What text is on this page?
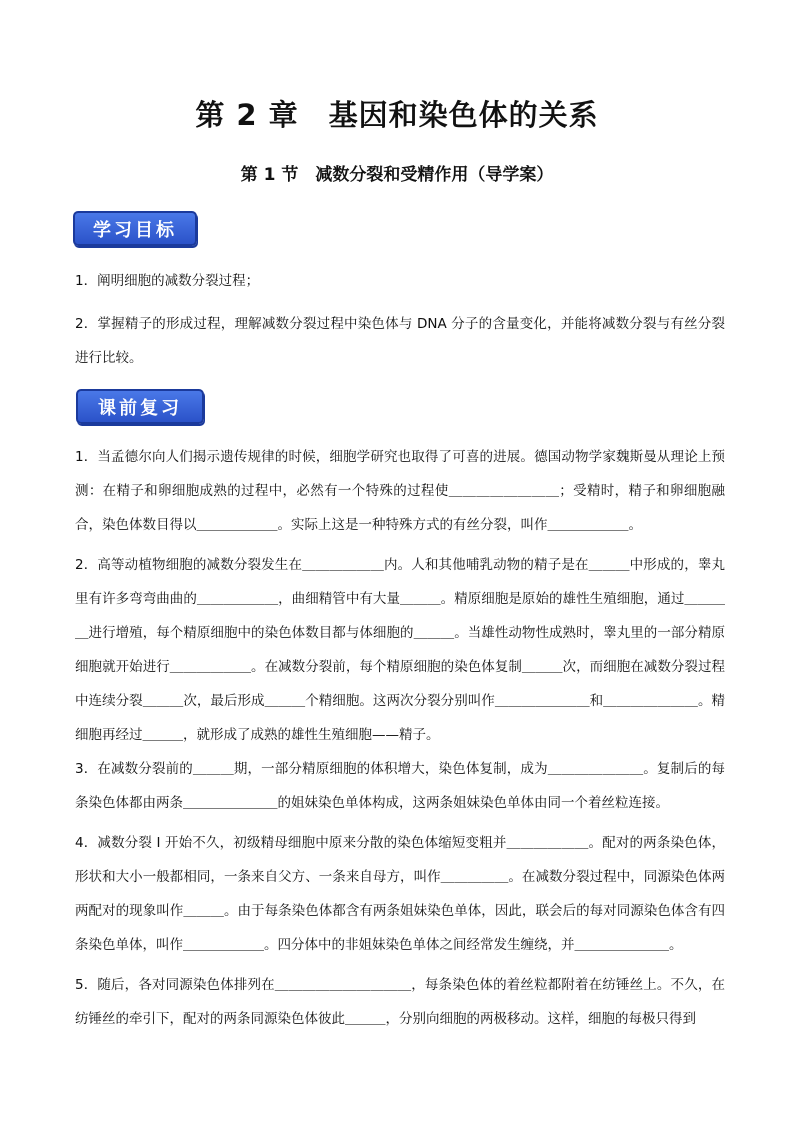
第 2 章　基因和染色体的关系
第 1 节　减数分裂和受精作用（导学案）
学习目标
1．阐明细胞的减数分裂过程；
2．掌握精子的形成过程，理解减数分裂过程中染色体与 DNA 分子的含量变化，并能将减数分裂与有丝分裂进行比较。
课前复习
1．当孟德尔向人们揭示遗传规律的时候，细胞学研究也取得了可喜的进展。德国动物学家魏斯曼从理论上预测：在精子和卵细胞成熟的过程中，必然有一个特殊的过程使＿＿＿＿＿＿＿＿；受精时，精子和卵细胞融合，染色体数目得以＿＿＿＿＿＿。实际上这是一种特殊方式的有丝分裂，叫作＿＿＿＿＿＿。
2．高等动植物细胞的减数分裂发生在＿＿＿＿＿＿内。人和其他哺乳动物的精子是在＿＿＿中形成的，睾丸里有许多弯弯曲曲的＿＿＿＿＿＿，曲细精管中有大量＿＿＿。精原细胞是原始的雄性生殖细胞，通过＿＿＿＿进行增殖，每个精原细胞中的染色体数目都与体细胞的＿＿＿。当雄性动物性成熟时，睾丸里的一部分精原细胞就开始进行＿＿＿＿＿＿。在减数分裂前，每个精原细胞的染色体复制＿＿＿次，而细胞在减数分裂过程中连续分裂＿＿＿次，最后形成＿＿＿个精细胞。这两次分裂分别叫作＿＿＿＿＿＿＿和＿＿＿＿＿＿＿。精细胞再经过＿＿＿，就形成了成熟的雄性生殖细胞——精子。
3．在减数分裂前的＿＿＿期，一部分精原细胞的体积增大，染色体复制，成为＿＿＿＿＿＿＿。复制后的每条染色体都由两条＿＿＿＿＿＿＿的姐妹染色单体构成，这两条姐妹染色单体由同一个着丝粒连接。
4．减数分裂 I 开始不久，初级精母细胞中原来分散的染色体缩短变粗并＿＿＿＿＿＿。配对的两条染色体，形状和大小一般都相同，一条来自父方、一条来自母方，叫作＿＿＿＿＿。在减数分裂过程中，同源染色体两两配对的现象叫作＿＿＿。由于每条染色体都含有两条姐妹染色单体，因此，联会后的每对同源染色体含有四条染色单体，叫作＿＿＿＿＿＿。四分体中的非姐妹染色单体之间经常发生缠绕，并＿＿＿＿＿＿＿。
5．随后，各对同源染色体排列在＿＿＿＿＿＿＿＿＿＿，每条染色体的着丝粒都附着在纺锤丝上。不久，在纺锤丝的牵引下，配对的两条同源染色体彼此＿＿＿，分别向细胞的两极移动。这样，细胞的每极只得到
